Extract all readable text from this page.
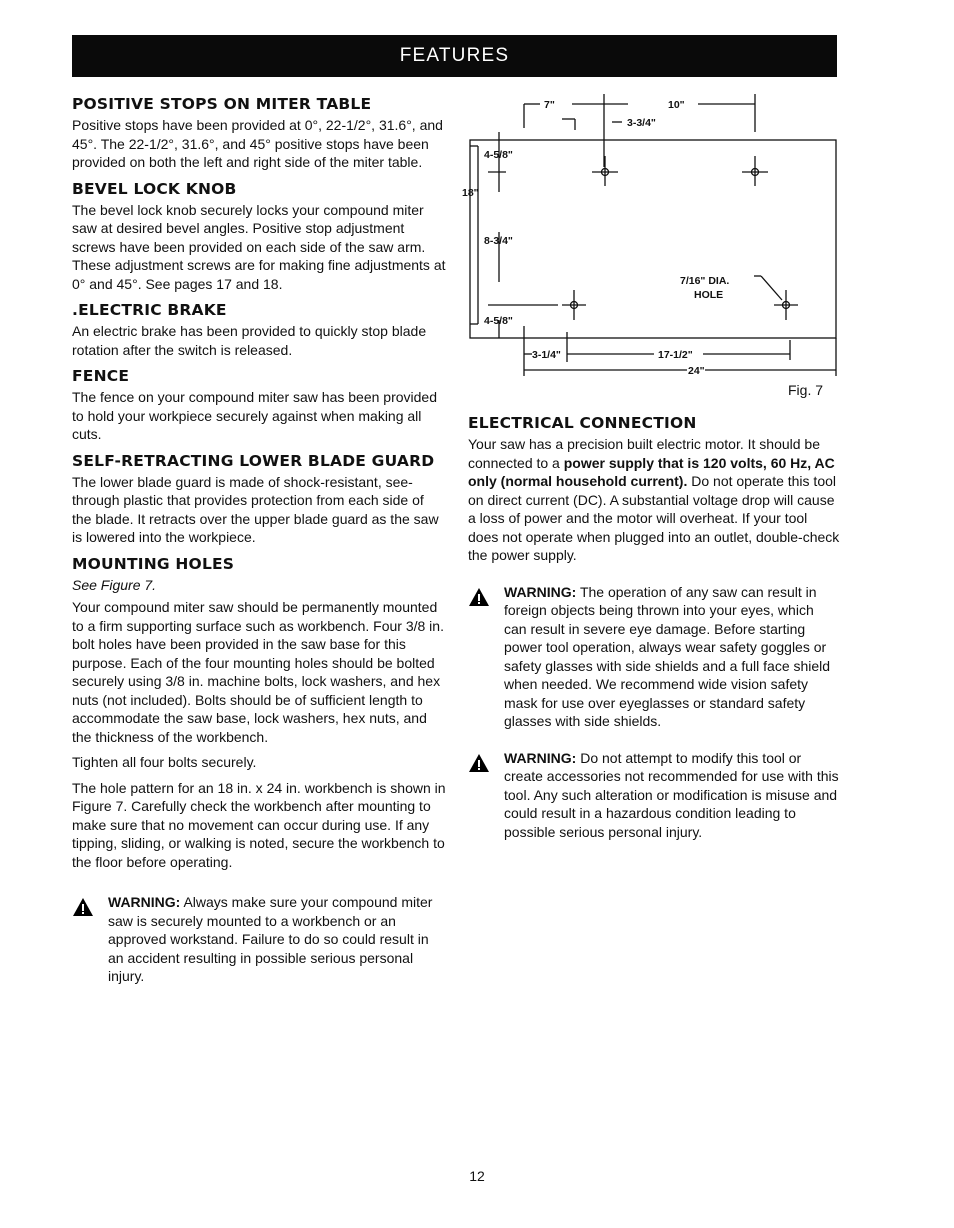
FEATURES
POSITIVE STOPS ON MITER TABLE

Positive stops have been provided at 0°, 22-1/2°, 31.6°, and 45°. The 22-1/2°, 31.6°, and 45° positive stops have been provided on both the left and right side of the miter table.

BEVEL LOCK KNOB

The bevel lock knob securely locks your compound miter saw at desired bevel angles. Positive stop adjustment screws have been provided on each side of the saw arm. These adjustment screws are for making fine adjustments at 0° and 45°. See pages 17 and 18.

.ELECTRIC BRAKE

An electric brake has been provided to quickly stop blade rotation after the switch is released.

FENCE

The fence on your compound miter saw has been provided to hold your workpiece securely against when making all cuts.

SELF-RETRACTING LOWER BLADE GUARD

The lower blade guard is made of shock-resistant, see-through plastic that provides protection from each side of the blade. It retracts over the upper blade guard as the saw is lowered into the workpiece.

MOUNTING HOLES

See Figure 7.

Your compound miter saw should be permanently mounted to a firm supporting surface such as workbench. Four 3/8 in. bolt holes have been provided in the saw base for this purpose. Each of the four mounting holes should be bolted securely using 3/8 in. machine bolts, lock washers, and hex nuts (not included). Bolts should be of sufficient length to accommodate the saw base, lock washers, hex nuts, and the thickness of the workbench.

Tighten all four bolts securely.

The hole pattern for an 18 in. x 24 in. workbench is shown in Figure 7. Carefully check the workbench after mounting to make sure that no movement can occur during use. If any tipping, sliding, or walking is noted, secure the workbench to the floor before operating.

WARNING: Always make sure your compound miter saw is securely mounted to a workbench or an approved workstand. Failure to do so could result in an accident resulting in possible serious personal injury.

7"	10"
3-3/4"
4-5/8"
18"
8-3/4"
4-5/8"
7/16" DIA.
HOLE
3-1/4"	17-1/2"
24"
Fig. 7
ELECTRICAL CONNECTION

Your saw has a precision built electric motor. It should be connected to a power supply that is 120 volts, 60 Hz, AC only (normal household current). Do not operate this tool on direct current (DC). A substantial voltage drop will cause a loss of power and the motor will overheat. If your tool does not operate when plugged into an outlet, double-check the power supply.

WARNING: The operation of any saw can result in foreign objects being thrown into your eyes, which can result in severe eye damage. Before starting power tool operation, always wear safety goggles or safety glasses with side shields and a full face shield when needed. We recommend wide vision safety mask for use over eyeglasses or standard safety glasses with side shields.

WARNING: Do not attempt to modify this tool or create accessories not recommended for use with this tool. Any such alteration or modification is misuse and could result in a hazardous condition leading to possible serious personal injury.

12
